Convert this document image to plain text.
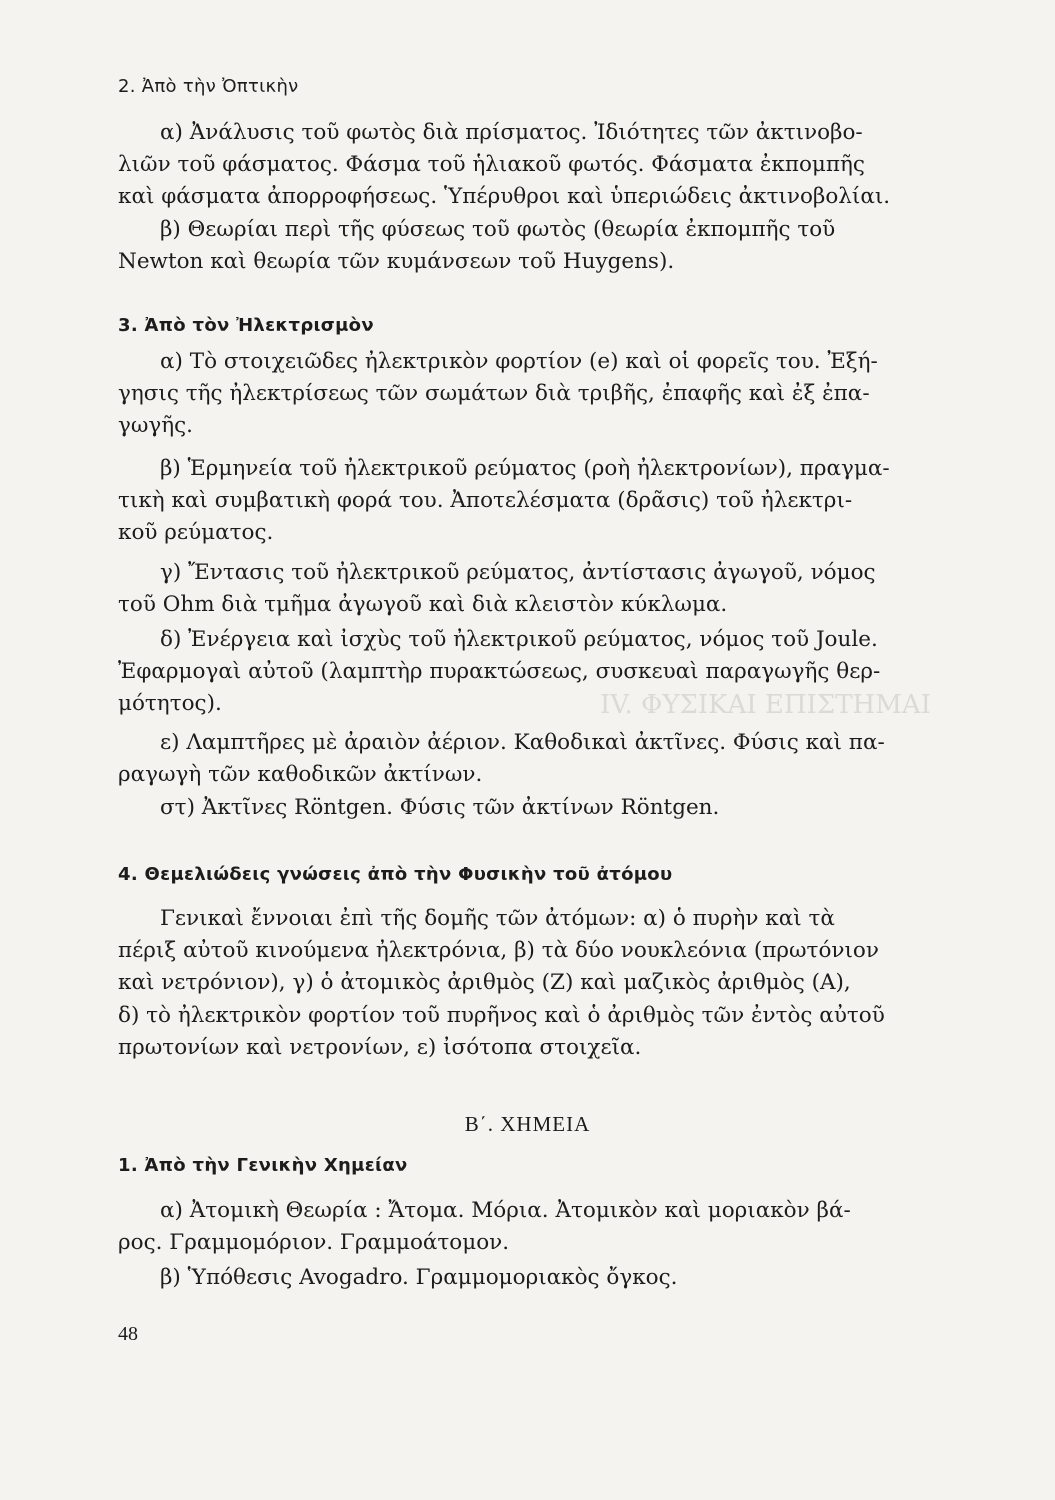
IV. ΦΥΣΙΚΑΙ ΕΠΙΣΤΗΜΑΙ
2. Ἀπὸ τὴν Ὀπτικὴν
α) Ἀνάλυσις τοῦ φωτὸς διὰ πρίσματος. Ἰδιότητες τῶν ἀκτινοβο-
λιῶν τοῦ φάσματος. Φάσμα τοῦ ἡλιακοῦ φωτός. Φάσματα ἐκπομπῆς
καὶ φάσματα ἀπορροφήσεως. Ὑπέρυθροι καὶ ὑπεριώδεις ἀκτινοβολίαι.
β) Θεωρίαι περὶ τῆς φύσεως τοῦ φωτὸς (θεωρία ἐκπομπῆς τοῦ
Newton καὶ θεωρία τῶν κυμάνσεων τοῦ Huygens).
3. Ἀπὸ τὸν Ἠλεκτρισμὸν
α) Τὸ στοιχειῶδες ἠλεκτρικὸν φορτίον (e) καὶ οἱ φορεῖς του. Ἐξή-
γησις τῆς ἠλεκτρίσεως τῶν σωμάτων διὰ τριβῆς, ἐπαφῆς καὶ ἐξ ἐπα-
γωγῆς.
β) Ἑρμηνεία τοῦ ἠλεκτρικοῦ ρεύματος (ροὴ ἠλεκτρονίων), πραγμα-
τικὴ καὶ συμβατικὴ φορά του. Ἀποτελέσματα (δρᾶσις) τοῦ ἠλεκτρι-
κοῦ ρεύματος.
γ) Ἔντασις τοῦ ἠλεκτρικοῦ ρεύματος, ἀντίστασις ἀγωγοῦ, νόμος
τοῦ Ohm διὰ τμῆμα ἀγωγοῦ καὶ διὰ κλειστὸν κύκλωμα.
δ) Ἐνέργεια καὶ ἰσχὺς τοῦ ἠλεκτρικοῦ ρεύματος, νόμος τοῦ Joule.
Ἐφαρμογαὶ αὐτοῦ (λαμπτὴρ πυρακτώσεως, συσκευαὶ παραγωγῆς θερ-
μότητος).
ε) Λαμπτῆρες μὲ ἀραιὸν ἀέριον. Καθοδικαὶ ἀκτῖνες. Φύσις καὶ πα-
ραγωγὴ τῶν καθοδικῶν ἀκτίνων.
στ) Ἀκτῖνες Röntgen. Φύσις τῶν ἀκτίνων Röntgen.
4. Θεμελιώδεις γνώσεις ἀπὸ τὴν Φυσικὴν τοῦ ἀτόμου
Γενικαὶ ἔννοιαι ἐπὶ τῆς δομῆς τῶν ἀτόμων: α) ὁ πυρὴν καὶ τὰ
πέριξ αὐτοῦ κινούμενα ἠλεκτρόνια, β) τὰ δύο νουκλεόνια (πρωτόνιον
καὶ νετρόνιον), γ) ὁ ἀτομικὸς ἀριθμὸς (Ζ) καὶ μαζικὸς ἀριθμὸς (Α),
δ) τὸ ἠλεκτρικὸν φορτίον τοῦ πυρῆνος καὶ ὁ ἀριθμὸς τῶν ἐντὸς αὐτοῦ
πρωτονίων καὶ νετρονίων, ε) ἰσότοπα στοιχεῖα.
Β΄. ΧΗΜΕΙΑ
1. Ἀπὸ τὴν Γενικὴν Χημείαν
α) Ἀτομικὴ Θεωρία : Ἄτομα. Μόρια. Ἀτομικὸν καὶ μοριακὸν βά-
ρος. Γραμμομόριον. Γραμμοάτομον.
β) Ὑπόθεσις Avogadro. Γραμμομοριακὸς ὄγκος.
48
